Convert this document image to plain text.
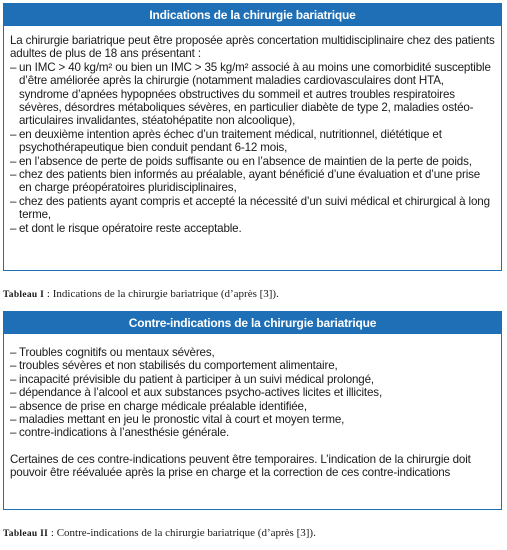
Indications de la chirurgie bariatrique

La chirurgie bariatrique peut être proposée après concertation multidisciplinaire chez des patients adultes de plus de 18 ans présentant :

– un IMC > 40 kg/m² ou bien un IMC > 35 kg/m² associé à au moins une comorbidité susceptible d’être améliorée après la chirurgie (notamment maladies cardiovasculaires dont HTA, syndrome d’apnées hypopnées obstructives du sommeil et autres troubles respiratoires sévères, désordres métaboliques sévères, en particulier diabète de type 2, maladies ostéo-articulaires invalidantes, stéatohépatite non alcoolique),
– en deuxième intention après échec d’un traitement médical, nutritionnel, diététique et psychothérapeutique bien conduit pendant 6-12 mois,
– en l’absence de perte de poids suffisante ou en l’absence de maintien de la perte de poids,
– chez des patients bien informés au préalable, ayant bénéficié d’une évaluation et d’une prise en charge préopératoires pluridisciplinaires,
– chez des patients ayant compris et accepté la nécessité d’un suivi médical et chirurgical à long terme,
– et dont le risque opératoire reste acceptable.
Tableau I : Indications de la chirurgie bariatrique (d’après [3]).
Contre-indications de la chirurgie bariatrique
– Troubles cognitifs ou mentaux sévères,
– troubles sévères et non stabilisés du comportement alimentaire,
– incapacité prévisible du patient à participer à un suivi médical prolongé,
– dépendance à l’alcool et aux substances psycho-actives licites et illicites,
– absence de prise en charge médicale préalable identifiée,
– maladies mettant en jeu le pronostic vital à court et moyen terme,
– contre-indications à l’anesthésie générale.

Certaines de ces contre-indications peuvent être temporaires. L’indication de la chirurgie doit pouvoir être réévaluée après la prise en charge et la correction de ces contre-indications

Tableau II : Contre-indications de la chirurgie bariatrique (d’après [3]).
